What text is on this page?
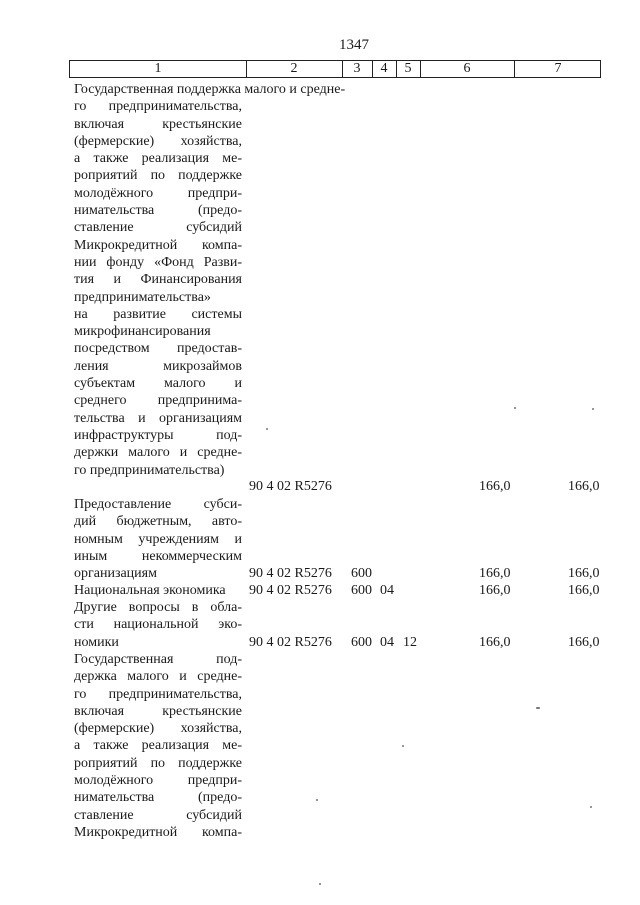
1347
1	2	3	4	5	6	7
Государственная поддержка малого и средне-
го предпринимательства,
включая крестьянские
(фермерские) хозяйства,
а также реализация ме-
роприятий по поддержке
молодёжного предпри-
нимательства (предо-
ставление субсидий
Микрокредитной компа-
нии фонду «Фонд Разви-
тия и Финансирования
предпринимательства»
на развитие системы
микрофинансирования
посредством предостав-
ления микрозаймов
субъектам малого и
среднего предпринима-
тельства и организациям
инфраструктуры под-
держки малого и средне-
го предпринимательства)
90 4 02 R5276	166,0	166,0
Предоставление субси-
дий бюджетным, авто-
номным учреждениям и
иным некоммерческим
организациям	90 4 02 R5276 600	166,0	166,0
Национальная экономика	90 4 02 R5276 600 04	166,0	166,0
Другие вопросы в обла-
сти национальной эко-
номики	90 4 02 R5276 600 04 12	166,0	166,0
Государственная под-
держка малого и средне-
го предпринимательства,
включая крестьянские
(фермерские) хозяйства,
а также реализация ме-
роприятий по поддержке
молодёжного предпри-
нимательства (предо-
ставление субсидий
Микрокредитной компа-
